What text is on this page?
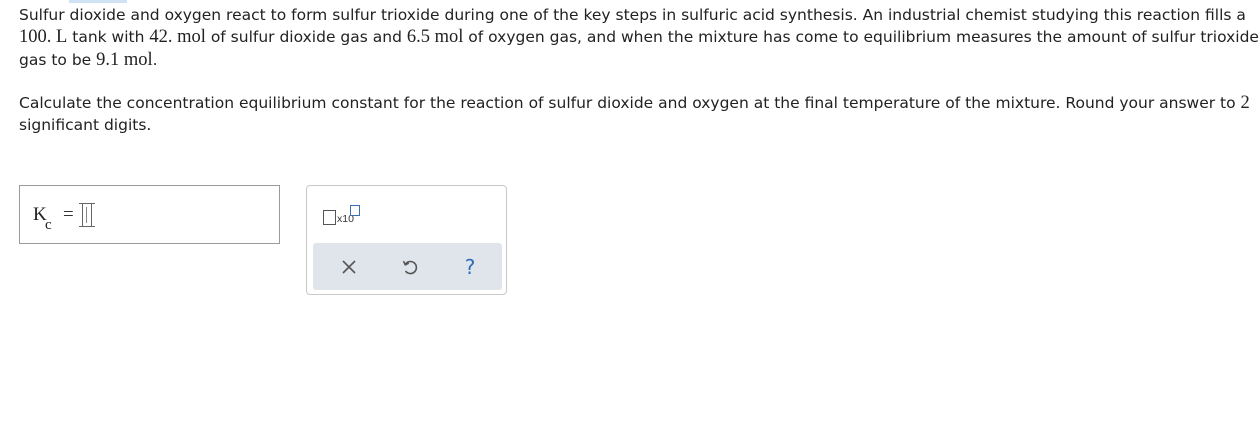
Sulfur dioxide and oxygen react to form sulfur trioxide during one of the key steps in sulfuric acid synthesis. An industrial chemist studying this reaction fills a
100. L tank with 42. mol of sulfur dioxide gas and 6.5 mol of oxygen gas, and when the mixture has come to equilibrium measures the amount of sulfur trioxide
gas to be 9.1 mol.
Calculate the concentration equilibrium constant for the reaction of sulfur dioxide and oxygen at the final temperature of the mixture. Round your answer to 2
significant digits.
K
c =	x10
?
